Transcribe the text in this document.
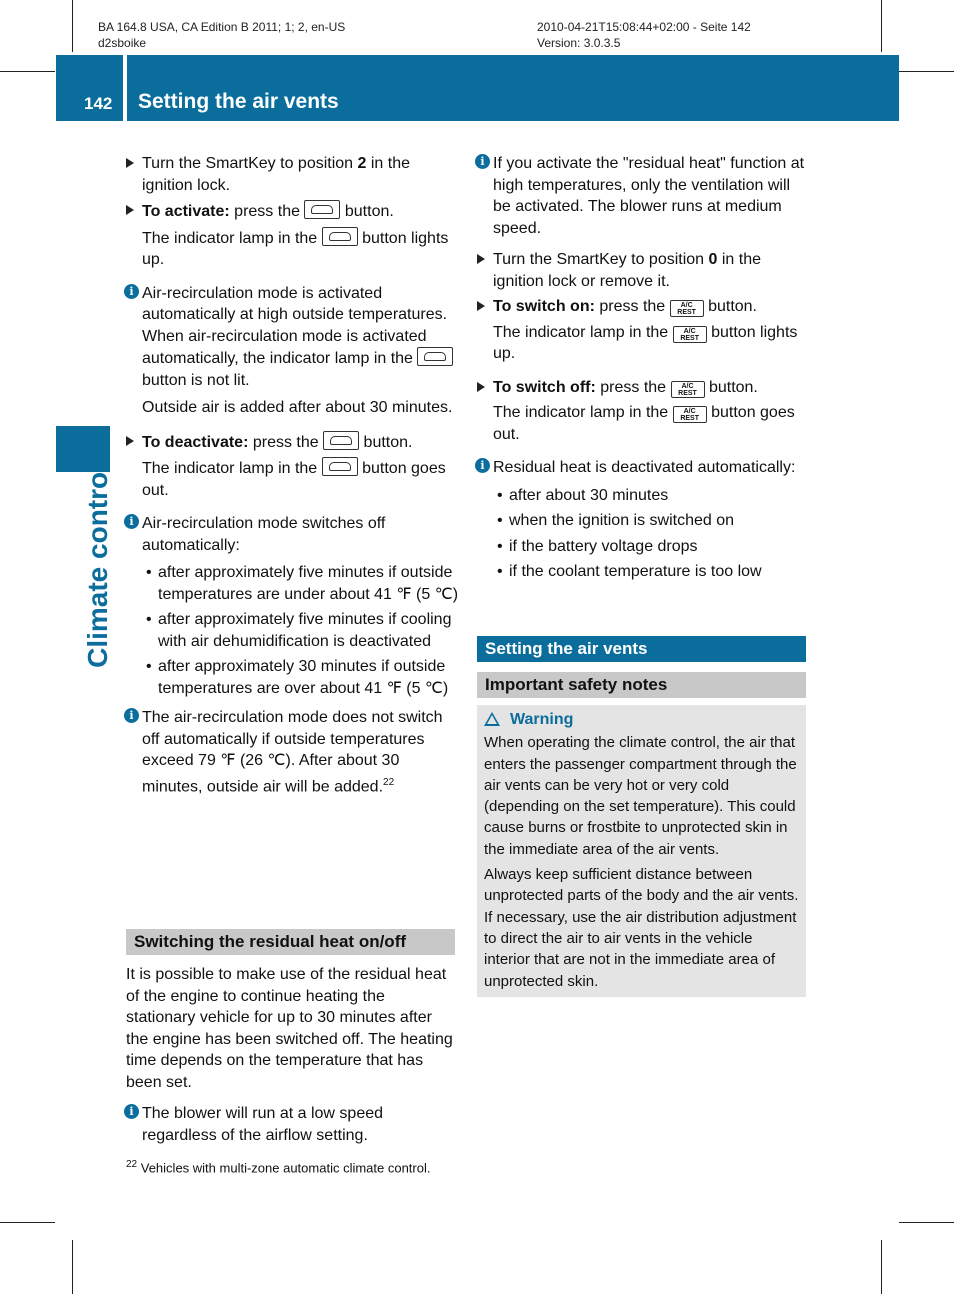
BA 164.8 USA, CA Edition B 2011; 1; 2, en-US
d2sboike
2010-04-21T15:08:44+02:00 - Seite 142
Version: 3.0.3.5
142 Setting the air vents
Climate control
Turn the SmartKey to position 2 in the ignition lock.
To activate: press the  button.
The indicator lamp in the  button lights up.
i Air-recirculation mode is activated automatically at high outside temperatures. When air-recirculation mode is activated automatically, the indicator lamp in the  button is not lit.
Outside air is added after about 30 minutes.
To deactivate: press the  button.
The indicator lamp in the  button goes out.
i Air-recirculation mode switches off automatically:
• after approximately five minutes if outside temperatures are under about 41 ℉ (5 ℃)
• after approximately five minutes if cooling with air dehumidification is deactivated
• after approximately 30 minutes if outside temperatures are over about 41 ℉ (5 ℃)
i The air-recirculation mode does not switch off automatically if outside temperatures exceed 79 ℉ (26 ℃). After about 30 minutes, outside air will be added.$^{22}$
Switching the residual heat on/off

It is possible to make use of the residual heat of the engine to continue heating the stationary vehicle for up to 30 minutes after the engine has been switched off. The heating time depends on the temperature that has been set.

i The blower will run at a low speed regardless of the airflow setting.
$^{22}$ Vehicles with multi-zone automatic climate control.
i If you activate the "residual heat" function at high temperatures, only the ventilation will be activated. The blower runs at medium speed.
Turn the SmartKey to position 0 in the ignition lock or remove it.
To switch on: press the A/C REST button.
The indicator lamp in the A/C REST button lights up.
To switch off: press the A/C REST button.
The indicator lamp in the A/C REST button goes out.
i Residual heat is deactivated automatically:
• after about 30 minutes
• when the ignition is switched on
• if the battery voltage drops
• if the coolant temperature is too low
Setting the air vents
Important safety notes
Warning

When operating the climate control, the air that enters the passenger compartment through the air vents can be very hot or very cold (depending on the set temperature). This could cause burns or frostbite to unprotected skin in the immediate area of the air vents.

Always keep sufficient distance between unprotected parts of the body and the air vents. If necessary, use the air distribution adjustment to direct the air to air vents in the vehicle interior that are not in the immediate area of unprotected skin.
